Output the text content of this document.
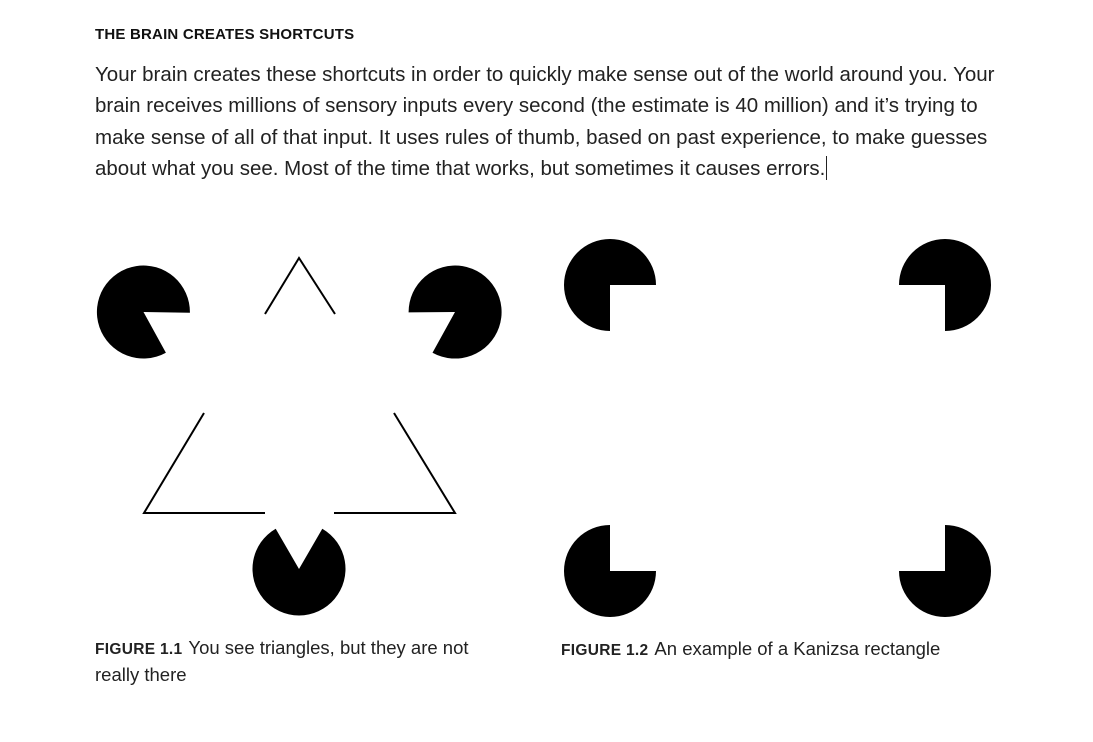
THE BRAIN CREATES SHORTCUTS
Your brain creates these shortcuts in order to quickly make sense out of the world around you. Your brain receives millions of sensory inputs every second (the estimate is 40 million) and it’s trying to make sense of all of that input. It uses rules of thumb, based on past experience, to make guesses about what you see. Most of the time that works, but sometimes it causes errors.
FIGURE 1.1 You see triangles, but they are not really there
FIGURE 1.2 An example of a Kanizsa rectangle
